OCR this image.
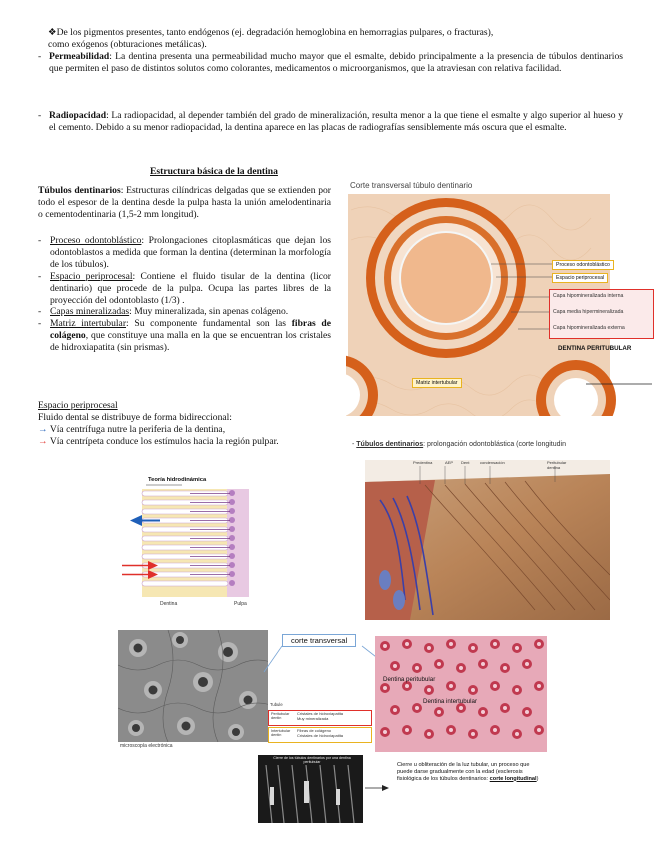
❖De los pigmentos presentes, tanto endógenos (ej. degradación hemoglobina en hemorragias pulpares, o fracturas),
como exógenos (obturaciones metálicas).
- Permeabilidad: La dentina presenta una permeabilidad mucho mayor que el esmalte, debido principalmente a la presencia de túbulos dentinarios que permiten el paso de distintos solutos como colorantes, medicamentos o microorganismos, que la atraviesan con relativa facilidad.
- Radiopacidad: La radiopacidad, al depender también del grado de mineralización, resulta menor a la que tiene el esmalte y algo superior al hueso y el cemento. Debido a su menor radiopacidad, la dentina aparece en las placas de radiografías sensiblemente más oscura que el esmalte.
Estructura básica de la dentina
Túbulos dentinarios: Estructuras cilíndricas delgadas que se extienden por todo el espesor de la dentina desde la pulpa hasta la unión amelodentinaria o cementodentinaria (1,5-2 mm longitud).
- Proceso odontoblástico: Prolongaciones citoplasmáticas que dejan los odontoblastos a medida que forman la dentina (determinan la morfología de los túbulos).
- Espacio periprocesal: Contiene el fluido tisular de la dentina (licor dentinario) que procede de la pulpa. Ocupa las partes libres de la proyección del odontoblasto (1/3) .
- Capas mineralizadas: Muy mineralizada, sin apenas colágeno.
- Matriz intertubular: Su componente fundamental son las fibras de colágeno, que constituye una malla en la que se encuentran los cristales de hidroxiapatita (sin prismas).
Espacio periprocesal
Fluido dental se distribuye de forma bidireccional:
→ Vía centrífuga nutre la periferia de la dentina,
→ Vía centrípeta conduce los estímulos hacia la región pulpar.
Corte transversal túbulo dentinario
Proceso odontoblástico
Espacio periprocesal
Capa hipomineralizada interna
Capa media hipermineralizada
Capa hipomineralizada externa
DENTINA PERITUBULAR
Matriz intertubular
- Túbulos dentinarios: prolongación odontoblástica (corte longitudin
Predentina	AEP Dent	condensación	Peritubular dentina
Teoría hidrodinámica
Dentina	Pulpa
microscopía electrónica
Tubule
Peritubular
dentin
Cristales de hidroxiapatita
Muy mineralizada
Intertubular
dentin
Fibras de colágeno
Cristales de hidroxiapatita
corte transversal
Dentina peritubular
Dentina intertubular
Cierre de los túbulos dentinarios por una dentina peritubular	Cierre u obliteración de la luz tubular, un proceso que puede darse gradualmente con la edad (esclerosis fisiológica de los túbulos dentinarios: corte longitudinal)
